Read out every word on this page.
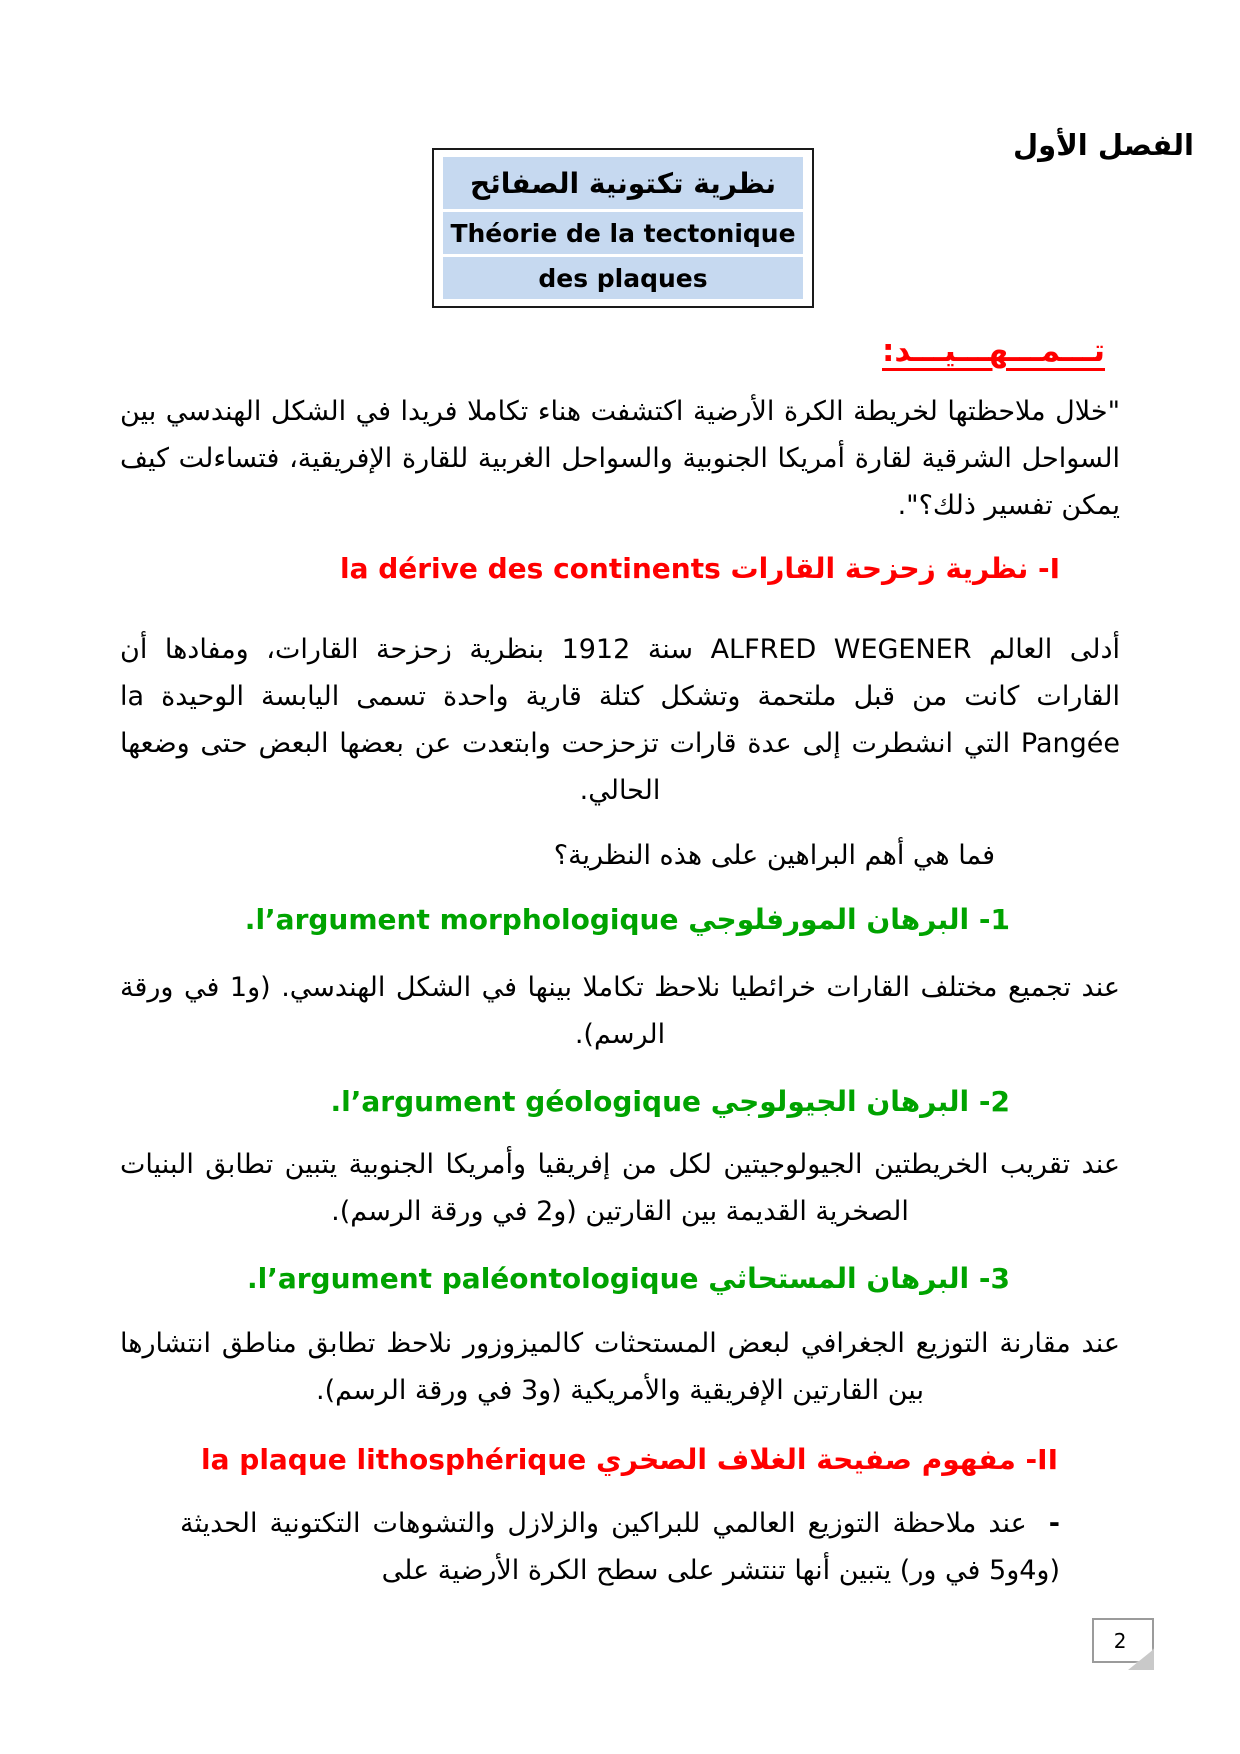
الفصل الأول
نظرية تكتونية الصفائح
Théorie de la tectonique
des plaques
تـــمـــهـــيـــد:
"خلال ملاحظتها لخريطة الكرة الأرضية اكتشفت هناء تكاملا فريدا في الشكل الهندسي بين السواحل الشرقية لقارة أمريكا الجنوبية والسواحل الغربية للقارة الإفريقية، فتساءلت كيف يمكن تفسير ذلك؟".
I- نظرية زحزحة القارات la dérive des continents
أدلى العالم ALFRED WEGENER سنة 1912 بنظرية زحزحة القارات، ومفادها أن القارات كانت من قبل ملتحمة وتشكل كتلة قارية واحدة تسمى اليابسة الوحيدة la Pangée التي انشطرت إلى عدة قارات تزحزحت وابتعدت عن بعضها البعض حتى وضعها الحالي.
فما هي أهم البراهين على هذه النظرية؟
1- البرهان المورفلوجي l’argument morphologique.
عند تجميع مختلف القارات خرائطيا نلاحظ تكاملا بينها في الشكل الهندسي. (و1 في ورقة الرسم).
2- البرهان الجيولوجي l’argument géologique.
عند تقريب الخريطتين الجيولوجيتين لكل من إفريقيا وأمريكا الجنوبية يتبين تطابق البنيات الصخرية القديمة بين القارتين (و2 في ورقة الرسم).
3- البرهان المستحاثي l’argument paléontologique.
عند مقارنة التوزيع الجغرافي لبعض المستحثات كالميزوزور نلاحظ تطابق مناطق انتشارها بين القارتين الإفريقية والأمريكية (و3 في ورقة الرسم).
II- مفهوم صفيحة الغلاف الصخري la plaque lithosphérique
-عند ملاحظة التوزيع العالمي للبراكين والزلازل والتشوهات التكتونية الحديثة (و4و5 في ور) يتبين أنها تنتشر على سطح الكرة الأرضية على
2
